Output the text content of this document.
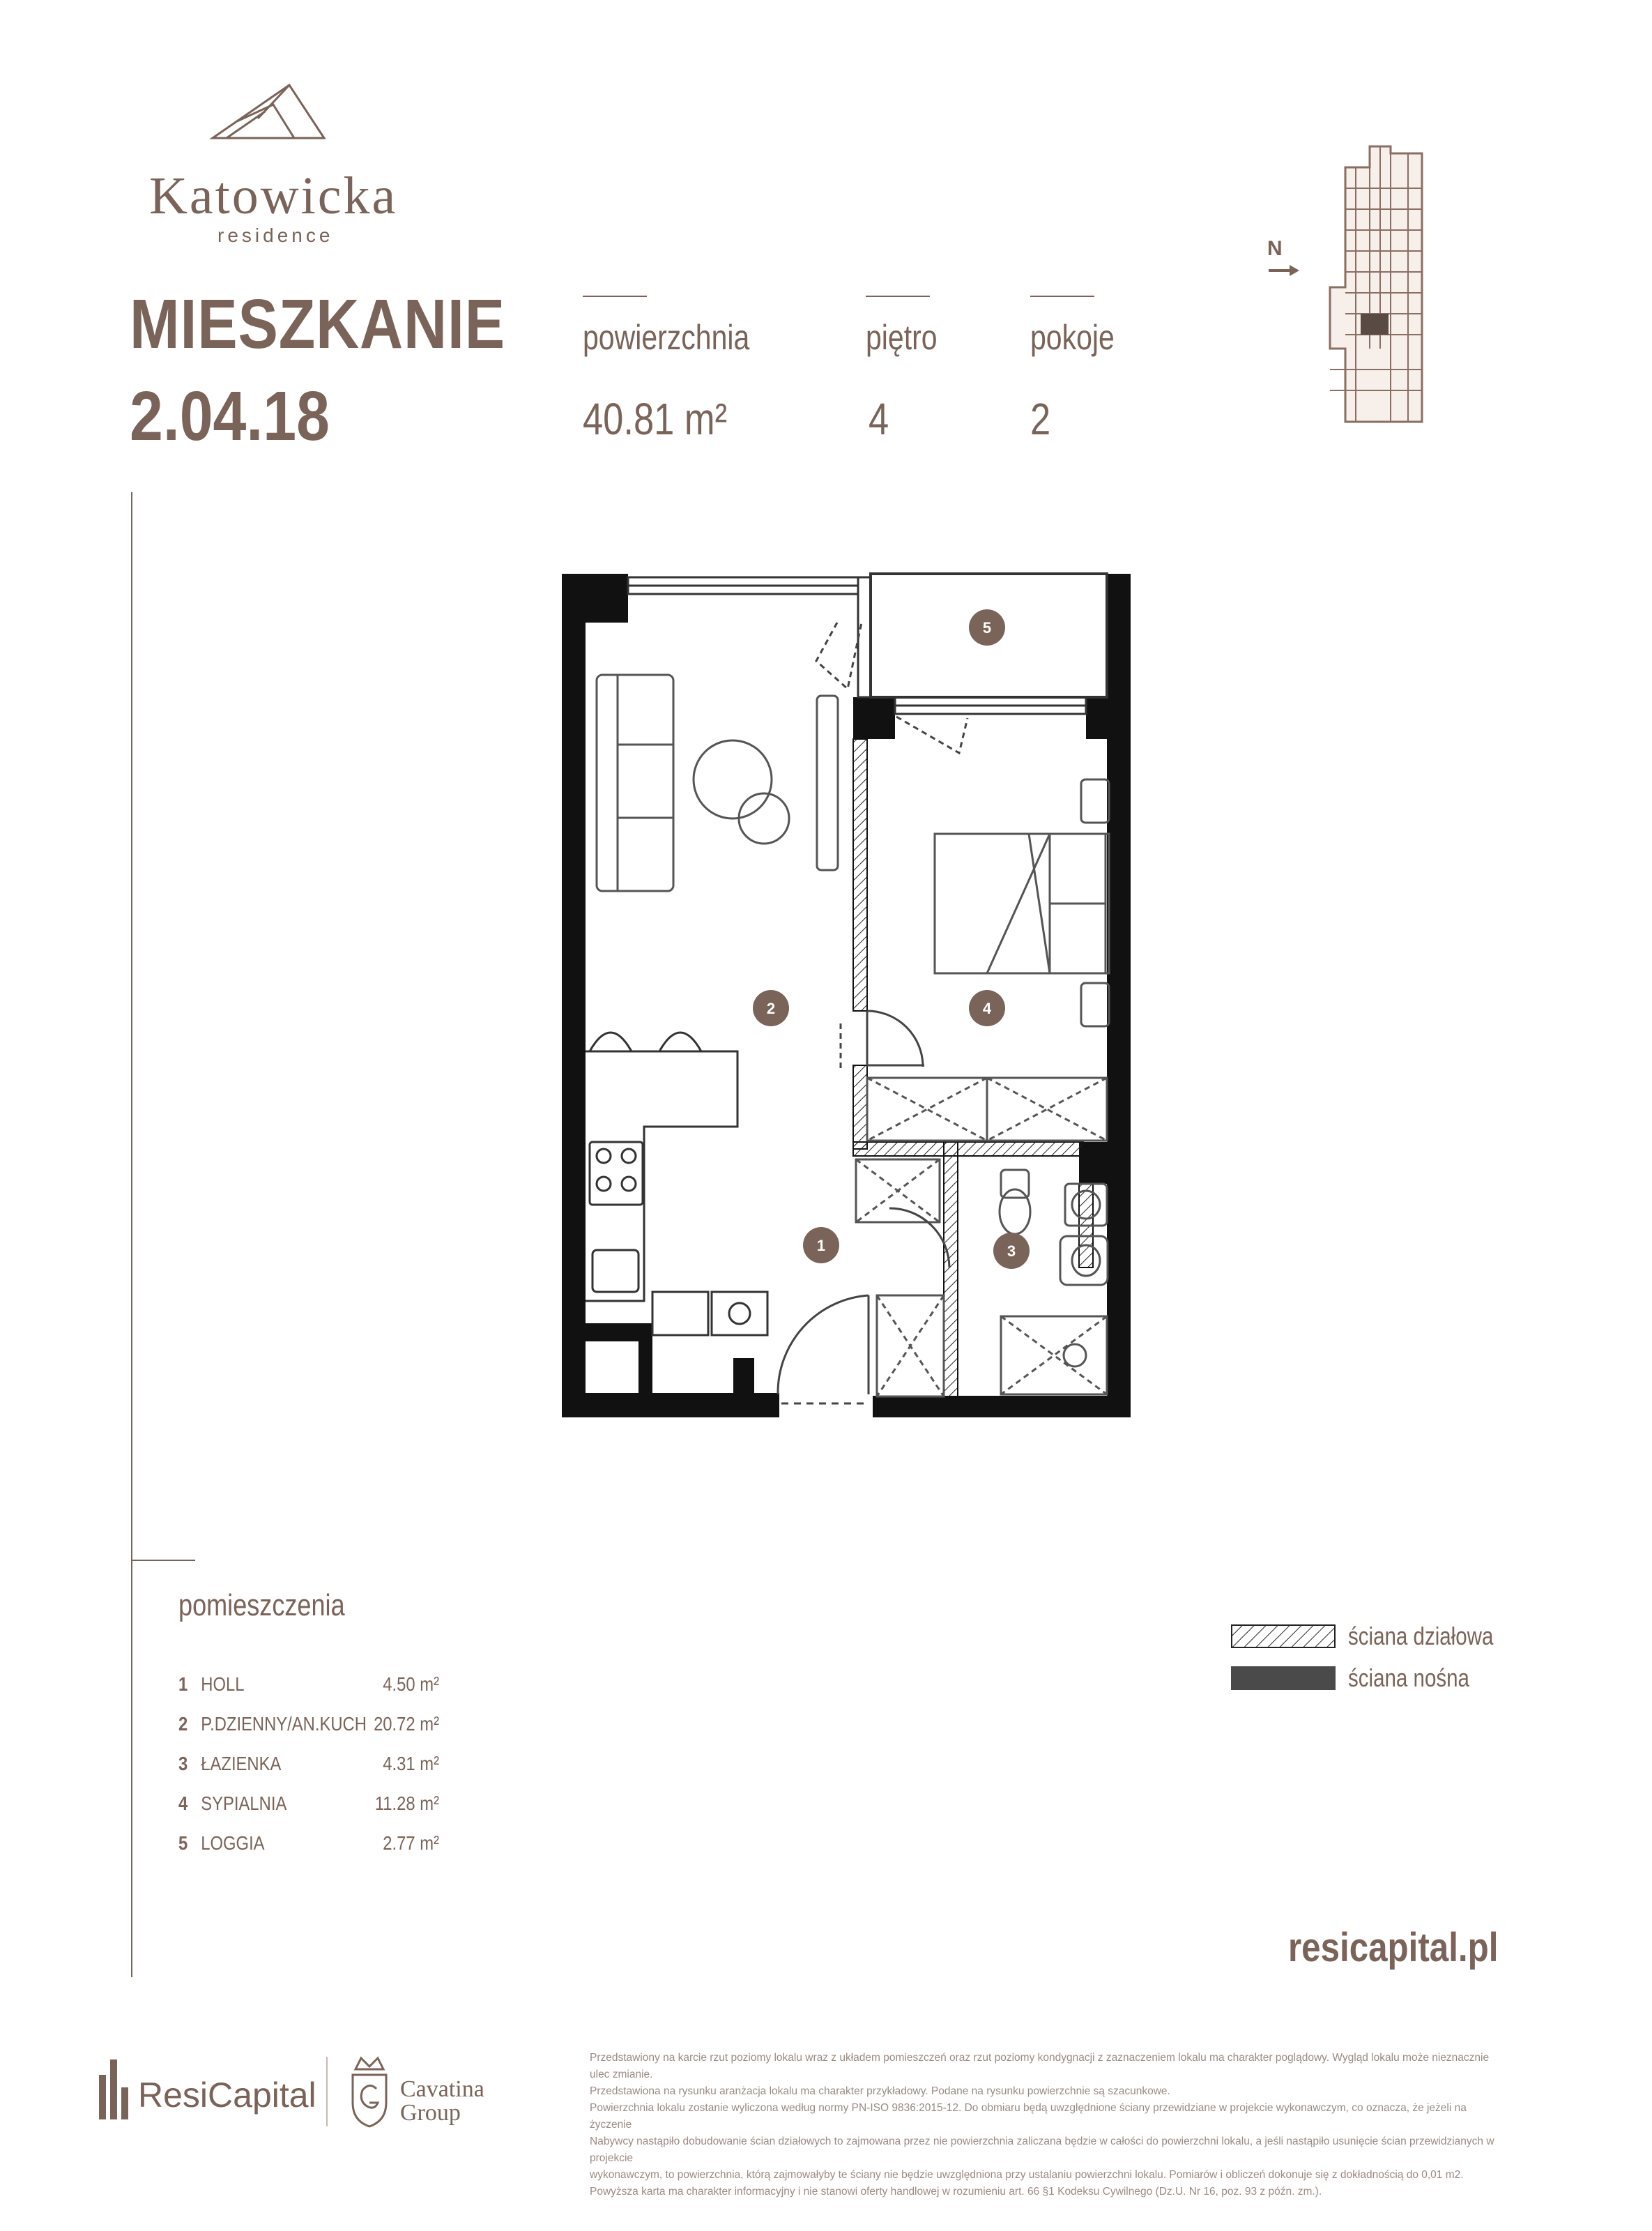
Katowicka
residence
MIESZKANIE
2.04.18
powierzchnia
40.81 m²
piętro
4
pokoje
2
N
5
2	4
1	3
pomieszczenia
1 HOLL	4.50 m²
2 P.DZIENNY/AN.KUCH 20.72 m²
3 ŁAZIENKA	4.31 m²
4 SYPIALNIA	11.28 m²
5 LOGGIA	2.77 m²
ściana działowa
ściana nośna
resicapital.pl
ResiCapital	Cavatina
Group

Przedstawiony na karcie rzut poziomy lokalu wraz z układem pomieszczeń oraz rzut poziomy kondygnacji z zaznaczeniem lokalu ma charakter poglądowy. Wygląd lokalu może nieznacznie ulec zmianie.

Przedstawiona na rysunku aranżacja lokalu ma charakter przykładowy. Podane na rysunku powierzchnie są szacunkowe.

Powierzchnia lokalu zostanie wyliczona według normy PN-ISO 9836:2015-12. Do obmiaru będą uwzględnione ściany przewidziane w projekcie wykonawczym, co oznacza, że jeżeli na życzenie

Nabywcy nastąpiło dobudowanie ścian działowych to zajmowana przez nie powierzchnia zaliczana będzie w całości do powierzchni lokalu, a jeśli nastąpiło usunięcie ścian przewidzianych w projekcie

wykonawczym, to powierzchnia, którą zajmowałyby te ściany nie będzie uwzględniona przy ustalaniu powierzchni lokalu. Pomiarów i obliczeń dokonuje się z dokładnością do 0,01 m2.

Powyższa karta ma charakter informacyjny i nie stanowi oferty handlowej w rozumieniu art. 66 §1 Kodeksu Cywilnego (Dz.U. Nr 16, poz. 93 z późn. zm.).
